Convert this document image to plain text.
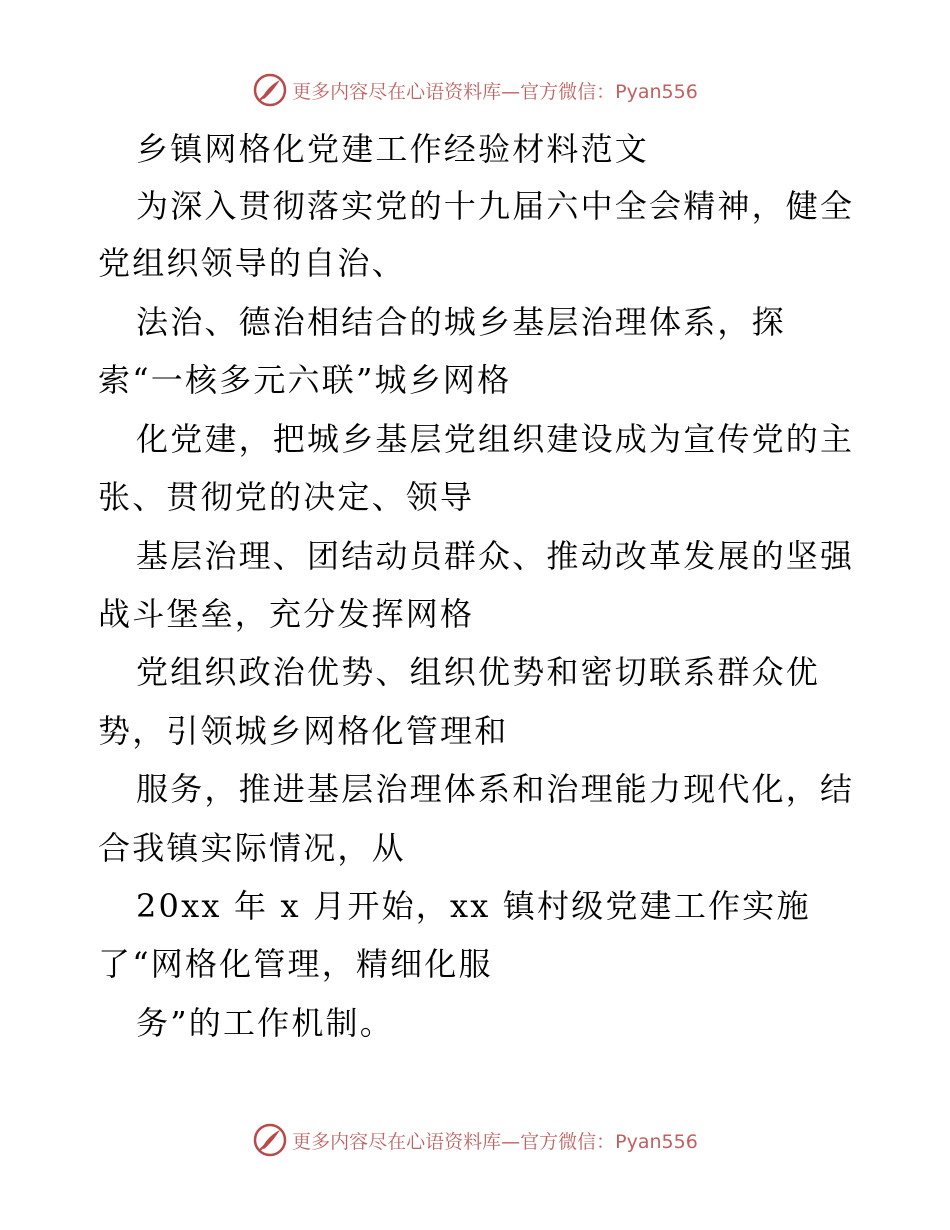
更多内容尽在心语资料库—官方微信：Pyan556
乡镇网格化党建工作经验材料范文
为深入贯彻落实党的十九届六中全会精神，健全
党组织领导的自治、
法治、德治相结合的城乡基层治理体系，探
索“一核多元六联”城乡网格
化党建，把城乡基层党组织建设成为宣传党的主
张、贯彻党的决定、领导
基层治理、团结动员群众、推动改革发展的坚强
战斗堡垒，充分发挥网格
党组织政治优势、组织优势和密切联系群众优
势，引领城乡网格化管理和
服务，推进基层治理体系和治理能力现代化，结
合我镇实际情况，从
20xx 年 x 月开始，xx 镇村级党建工作实施
了“网格化管理，精细化服
务”的工作机制。
更多内容尽在心语资料库—官方微信：Pyan556
